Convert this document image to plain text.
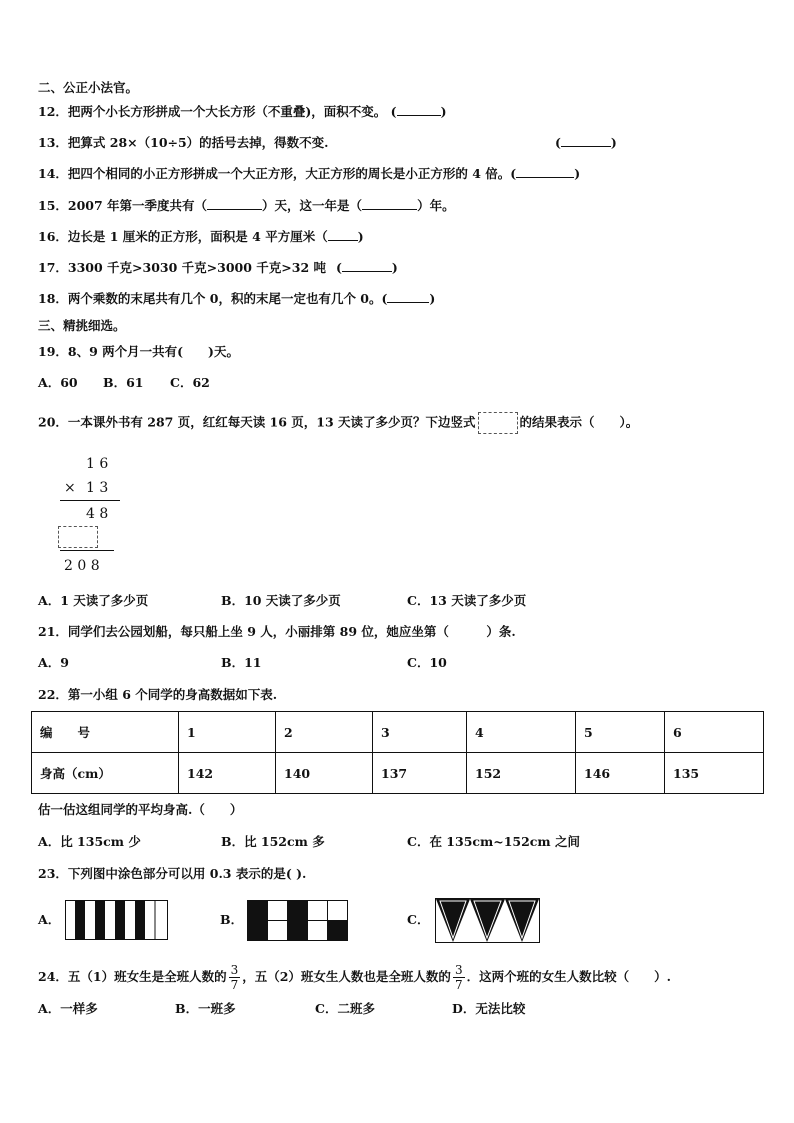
二、公正小法官。
12．把两个小长方形拼成一个大长方形（不重叠)，面积不变。 (	)
13．把算式 28×（10÷5）的括号去掉，得数不变.	(	)
14．把四个相同的小正方形拼成一个大正方形，大正方形的周长是小正方形的 4 倍。(	)
15．2007 年第一季度共有（	）天，这一年是（	）年。
16．边长是 1 厘米的正方形，面积是 4 平方厘米（ )
17．3300 千克>3030 千克>3000 千克>32 吨 (	)
18．两个乘数的末尾共有几个 0，积的末尾一定也有几个 0。(	)
三、精挑细选。
19．8、9 两个月一共有(　　)天。
A．60 B．61 C．62
20．一本课外书有 287 页，红红每天读 16 页，13 天读了多少页？下边竖式	的结果表示（　　）。
1 6
× 1 3
4 8
2 0 8
A．1 天读了多少页	B．10 天读了多少页	C．13 天读了多少页
21．同学们去公园划船，每只船上坐 9 人，小丽排第 89 位，她应坐第（　　　）条.
A．9	B．11	C．10
22．第一小组 6 个同学的身高数据如下表.
编　　号	1	2	3	4	5	6
身高（cm）	142	140	137	152	146	135
估一估这组同学的平均身高.（　　）
A．比 135cm 少	B．比 152cm 多	C．在 135cm~152cm 之间
23．下列图中涂色部分可以用 0.3 表示的是( ).
A．	B．	C．
24．五（1）班女生是全班人数的 $\frac{3}{7}$ ，五（2）班女生人数也是全班人数的 $\frac{3}{7}$ ．这两个班的女生人数比较（　　）.
A．一样多	B．一班多	C．二班多	D．无法比较
